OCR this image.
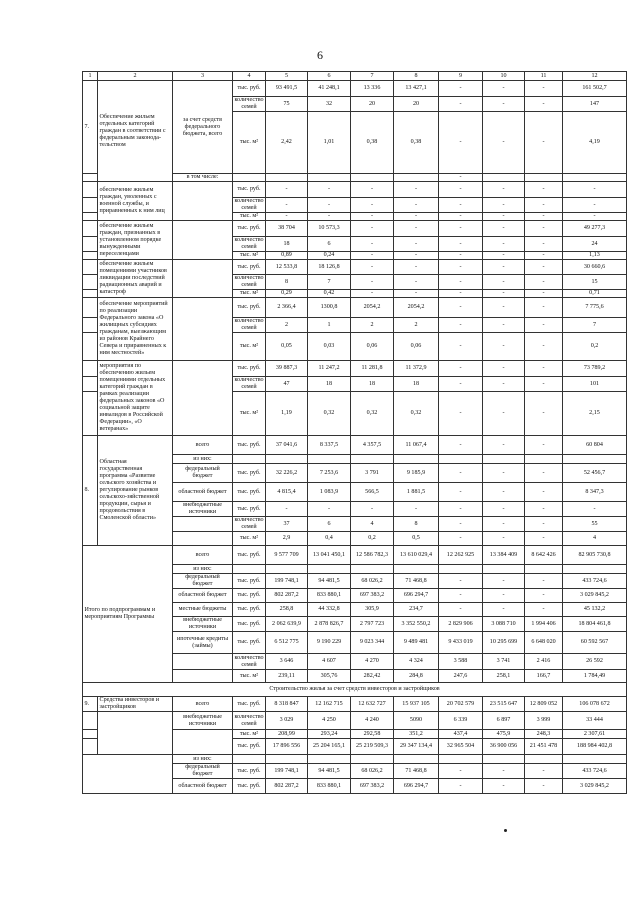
6
1	2	3	4	5	6	7	8	9	10	11	12
7.	Обеспечение жильем отдельных категорий граждан в соответствии с федеральным законода-тельством	за счет средств федерального бюджета, всего	тыс. руб.	93 491,5	41 248,1	13 336	13 427,1	-	-	-	161 502,7
			количество семей	75	32	20	20	-	-	-	147
			тыс. м²	2,42	1,01	0,38	0,38	-	-	-	4,19
		в том числе:						-			
	обеспечение жильем граждан, уволенных с военной службы, и приравненных к ним лиц		тыс. руб.	-	-	-	-	-	-	-	-
			количество семей	-	-	-	-	-	-	-	-
			тыс. м²	-	-	-	-	-	-	-	-
	обеспечение жильем граждан, признанных в установленном порядке вынужденными переселенцами		тыс. руб.	38 704	10 573,3	-	-	-	-	-	49 277,3
			количество семей	18	6	-	-	-	-	-	24
			тыс. м²	0,89	0,24	-	-	-	-	-	1,13
	обеспечение жильем помещениями участников ликвидации последствий радиационных аварий и катастроф		тыс. руб.	12 533,8	18 126,8	-	-	-	-	-	30 660,6
			количество семей	8	7	-	-	-	-	-	15
			тыс. м²	0,29	0,42	-	-	-	-	-	0,71
	обеспечение мероприятий по реализации Федерального закона «О жилищных субсидиях гражданам, выезжающим из районов Крайнего Севера и приравненных к ним местностей»		тыс. руб.	2 366,4	1300,8	2054,2	2054,2	-	-	-	7 775,6
			количество семей	2	1	2	2	-	-	-	7
			тыс. м²	0,05	0,03	0,06	0,06	-	-	-	0,2
	мероприятия по обеспечению жильем помещениями отдельных категорий граждан в рамках реализации федеральных законов «О социальной защите инвалидов в Российской Федерации», «О ветеранах»		тыс. руб.	39 887,3	11 247,2	11 281,8	11 372,9	-	-	-	73 789,2
			количество семей	47	18	18	18	-	-	-	101
			тыс. м²	1,19	0,32	0,32	0,32	-	-	-	2,15
8.	Областная государственная программа «Развитие сельского хозяйства и регулирование рынков сельскохо-зяйственной продукции, сырья и продовольствия в Смоленской области»	всего	тыс. руб.	37 041,6	8 337,5	4 357,5	11 067,4	-	-	-	60 804
		из них:									
		федеральный бюджет	тыс. руб.	32 226,2	7 253,6	3 791	9 185,9	-	-	-	52 456,7
		областной бюджет	тыс. руб.	4 815,4	1 083,9	566,5	1 881,5	-	-	-	8 347,3
		внебюджетные источники	тыс. руб.	-	-	-	-	-	-	-	-
			количество семей	37	6	4	8	-	-	-	55
			тыс. м²	2,9	0,4	0,2	0,5	-	-	-	4
Итого по подпрограммам и мероприятиям Программы		всего	тыс. руб.	9 577 709	13 041 450,1	12 586 782,3	13 610 029,4	12 262 925	13 384 409	8 642 426	82 905 730,8
		из них:									
		федеральный бюджет	тыс. руб.	199 748,1	94 481,5	68 026,2	71 468,8	-	-	-	433 724,6
		областной бюджет	тыс. руб.	802 287,2	833 880,1	697 383,2	696 294,7	-	-	-	3 029 845,2
		местные бюджеты	тыс. руб.	258,8	44 332,8	305,9	234,7	-	-	-	45 132,2
		внебюджетные источники	тыс. руб.	2 062 639,9	2 878 826,7	2 797 723	3 352 550,2	2 829 906	3 088 710	1 994 406	18 804 461,8
		ипотечные кредиты (займы)	тыс. руб.	6 512 775	9 190 229	9 023 344	9 489 481	9 433 019	10 295 699	6 648 020	60 592 567
			количество семей	3 646	4 607	4 270	4 324	3 588	3 741	2 416	26 592
			тыс. м²	239,11	305,76	282,42	284,8	247,6	258,1	166,7	1 784,49
Строительство жилья за счет средств инвесторов и застройщиков											
9.	Средства инвесторов и застройщиков	всего	тыс. руб.	8 318 847	12 162 715	12 632 727	15 937 105	20 702 579	23 515 647	12 809 052	106 078 672
		внебюджетные источники	количество семей	3 029	4 250	4 240	5090	6 339	6 897	3 999	33 444
			тыс. м²	208,99	293,24	292,58	351,2	437,4	475,9	248,3	2 307,61
			тыс. руб.	17 896 556	25 204 165,1	25 219 509,3	29 347 134,4	32 965 504	36 900 056	21 451 478	188 984 402,8
		из них:									
		федеральный бюджет	тыс. руб.	199 748,1	94 481,5	68 026,2	71 468,8	-	-	-	433 724,6
		областной бюджет	тыс. руб.	802 287,2	833 880,1	697 383,2	696 294,7	-	-	-	3 029 845,2
